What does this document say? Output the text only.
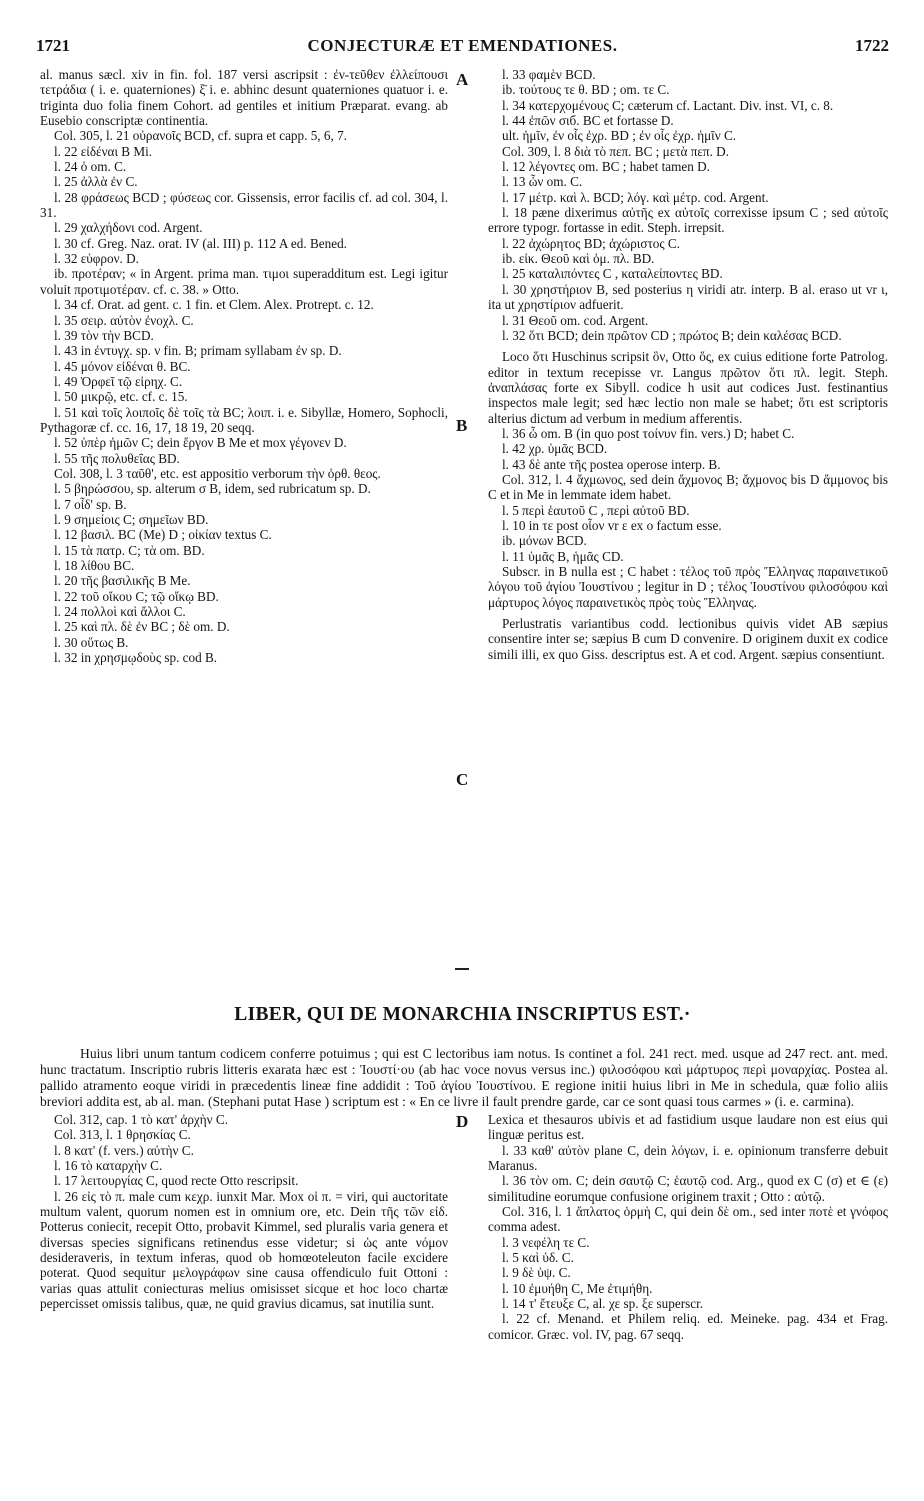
1721	CONJECTURÆ ET EMENDATIONES.	1722

al. manus sæcl. xiv in fin. fol. 187 versi ascripsit : ἐν-τεῦθεν ἐλλείπουσι τετράδια ( i. e. quaterniones) ξ̄ i. e. abhinc desunt quaterniones quatuor i. e. triginta duo folia finem Cohort. ad gentiles et initium Præparat. evang. ab Eusebio conscriptæ continentia.

Col. 305, l. 21 οὐρανοῖς BCD, cf. supra et capp. 5, 6, 7.

l. 22 εἰδέναι B Mi.

l. 24 ὁ om. C.

l. 25 ἀλλὰ ἐν C.

l. 28 φράσεως BCD ; φύσεως cor. Gissensis, error facilis cf. ad col. 304, l. 31.

l. 29 χαλχήδονι cod. Argent.

l. 30 cf. Greg. Naz. orat. IV (al. III) p. 112 A ed. Bened.

l. 32 εὐφρον. D.

ib. προτέραν; « in Argent. prima man. τιμοι superadditum est. Legi igitur voluit προτιμοτέραν. cf. c. 38. » Otto.

l. 34 cf. Orat. ad gent. c. 1 fin. et Clem. Alex. Protrept. c. 12.

l. 35 σειρ. αὐτὸν ἐνοχλ. C.

l. 39 τὸν τὴν BCD.

l. 43 in ἐντυγχ. sp. ν fin. B; primam syllabam ἐν sp. D.

l. 45 μόνον εἰδέναι θ. BC.

l. 49 Ὀρφεῖ τῷ εἰρηχ. C.

l. 50 μικρῷ, etc. cf. c. 15.

l. 51 καὶ τοῖς λοιποῖς δὲ τοῖς τὰ BC; λοιπ. i. e. Sibyllæ, Homero, Sophocli, Pythagoræ cf. cc. 16, 17, 18 19, 20 seqq.

l. 52 ὑπὲρ ἡμῶν C; dein ἔργον B Me et mox γέγονεν D.

l. 55 τῆς πολυθεΐας BD.

Col. 308, l. 3 ταῦθ', etc. est appositio verborum τὴν ὀρθ. θεος.

l. 5 βηρώσσου, sp. alterum σ B, idem, sed rubricatum sp. D.

l. 7 οἶδ' sp. B.

l. 9 σημείοις C; σημεῖων BD.

l. 12 βασιλ. BC (Me) D ; οἰκίαν textus C.

l. 15 τὰ πατρ. C; τὰ om. BD.

l. 18 λίθου BC.

l. 20 τῆς βασιλικῆς B Me.

l. 22 τοῦ οἴκου C; τῷ οἴκῳ BD.

l. 24 πολλοὶ καὶ ἄλλοι C.

l. 25 καὶ πλ. δὲ ἐν BC ; δὲ om. D.

l. 30 οὕτως B.

l. 32 in χρησμῳδοὺς sp. cod B.

l. 33 φαμὲν BCD.

ib. τούτους τε θ. BD ; om. τε C.

l. 34 κατερχομένους C; cæterum cf. Lactant. Div. inst. VI, c. 8.

l. 44 ἐπῶν σιб. BC et fortasse D.

ult. ἡμῖν, ἐν οἷς ἐχρ. BD ; ἐν οἷς ἐχρ. ἡμῖν C.

Col. 309, l. 8 διὰ τὸ πεπ. BC ; μετὰ πεπ. D.

l. 12 λέγοντες om. BC ; habet tamen D.

l. 13 ὧν om. C.

l. 17 μέτρ. καὶ λ. BCD; λόγ. καὶ μέτρ. cod. Argent.

l. 18 pæne dixerimus αὐτῆς ex αὐτοῖς correxisse ipsum C ; sed αὐτοῖς errore typogr. fortasse in edit. Steph. irrepsit.

l. 22 ἀχώρητος BD; ἀχώριστος C.

ib. εἰκ. Θεοῦ καὶ ὁμ. πλ. BD.

l. 25 καταλιπόντες C , καταλείποντες BD.

l. 30 χρηστήριον B, sed posterius η viridi atr. interp. B al. eraso ut vr ι, ita ut χρηστίριον adfuerit.

l. 31 Θεοῦ om. cod. Argent.

l. 32 ὅτι BCD; dein πρῶτον CD ; πρώτος B; dein καλέσας BCD.

Loco ὅτι Huschinus scripsit ὃν, Otto ὅς, ex cuius editione forte Patrolog. editor in textum recepisse vr. Langus πρῶτον ὅτι πλ. legit. Steph. ἀναπλάσας forte ex Sibyll. codice h usit aut codices Just. festinantius inspectos male legit; sed hæc lectio non male se habet; ὅτι est scriptoris alterius dictum ad verbum in medium afferentis.

l. 36 ὦ om. B (in quo post τοίνυν fin. vers.) D; habet C.

l. 42 χρ. ὑμᾶς BCD.

l. 43 δὲ ante τῆς postea operose interp. B.

Col. 312, l. 4 ἄχμωνος, sed dein ἄχμονος B; ἄχμονος bis D ἄμμονος bis C et in Me in lemmate idem habet.

l. 5 περὶ ἑαυτοῦ C , περὶ αὐτοῦ BD.

l. 10 in τε post οἶον vr ε ex ο factum esse.

ib. μόνων BCD.

l. 11 ὑμᾶς B, ἡμᾶς CD.

Subscr. in B nulla est ; C habet : τέλος τοῦ πρὸς Ἕλληνας παραινετικοῦ λόγου τοῦ ἁγίου Ἰουστίνου ; legitur in D ; τέλος Ἰουστίνου φιλοσόφου καὶ μάρτυρος λόγος παραινετικὸς πρὸς τοὺς Ἕλληνας.

Perlustratis variantibus codd. lectionibus quivis videt AB sæpius consentire inter se; sæpius B cum D convenire. D originem duxit ex codice simili illi, ex quo Giss. descriptus est. A et cod. Argent. sæpius consentiunt.

A
B
C
LIBER, QUI DE MONARCHIA INSCRIPTUS EST.·

Huius libri unum tantum codicem conferre potuimus ; qui est C lectoribus iam notus. Is continet a fol. 241 rect. med. usque ad 247 rect. ant. med. hunc tractatum. Inscriptio rubris litteris exarata hæc est : Ἰουστί·ου (ab hac voce novus versus inc.) φιλοσόφου καὶ μάρτυρος περὶ μοναρχίας. Postea al. pallido atramento eoque viridi in præcedentis lineæ fine addidit : Τοῦ ἁγίου Ἰουστίνου. E regione initii huius libri in Me in schedula, quæ folio aliis breviori addita est, ab al. man. (Stephani putat Hase ) scriptum est : « En ce livre il fault prendre garde, car ce sont quasi tous carmes » (i. e. carmina).

Col. 312, cap. 1 τὸ κατ' ἀρχὴν C.

Col. 313, l. 1 θρησκίας C.

l. 8 κατ' (f. vers.) αὐτὴν C.

l. 16 τὸ καταρχὴν C.

l. 17 λειτουργίας C, quod recte Otto rescripsit.

l. 26 εἰς τὸ π. male cum κεχρ. iunxit Mar. Mox οἱ π. = viri, qui auctoritate multum valent, quorum nomen est in omnium ore, etc. Dein τῆς τῶν εἰδ. Potterus coniecit, recepit Otto, probavit Kimmel, sed pluralis varia genera et diversas species significans retinendus esse videtur; si ὡς ante νόμον desideraveris, in textum inferas, quod ob homœoteleuton facile excidere poterat. Quod sequitur μελογράφων sine causa offendiculo fuit Ottoni : varias quas attulit coniecturas melius omisisset sicque et hoc loco chartæ pepercisset omissis talibus, quæ, ne quid gravius dicamus, sat inutilia sunt.

D Lexica et thesauros ubivis et ad fastidium usque laudare non est eius qui linguæ peritus est.

l. 33 καθ' αὐτὸν plane C, dein λόγων, i. e. opinionum transferre debuit Maranus.

l. 36 τὸν om. C; dein σαυτῷ C; ἑαυτῷ cod. Arg., quod ex C (σ) et ∈ (ε) similitudine eorumque confusione originem traxit ; Otto : αὐτῷ.

Col. 316, l. 1 ἄπλατος ὁρμὴ C, qui dein δὲ om., sed inter ποτὲ et γνόφος comma adest.

l. 3 νεφέλη τε C.

l. 5 καὶ ὑδ. C.

l. 9 δὲ ὑψ. C.

l. 10 ἐμυήθη C, Me ἐτιμήθη.

l. 14 τ' ἔτευξε C, al. χε sp. ξε superscr.

l. 22 cf. Menand. et Philem reliq. ed. Meineke. pag. 434 et Frag. comicor. Græc. vol. IV, pag. 67 seqq.
